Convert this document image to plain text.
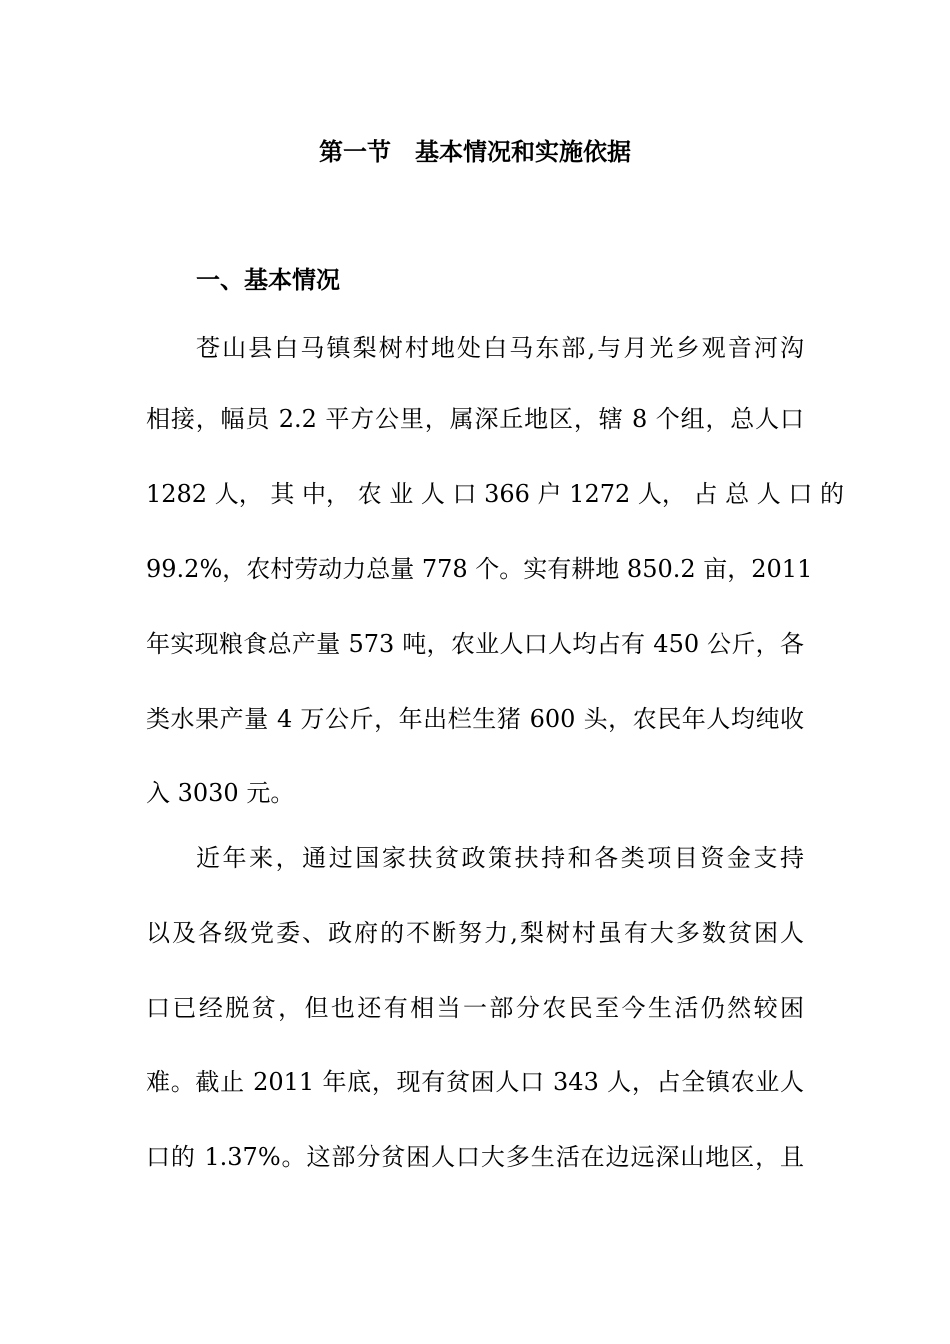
第一节　基本情况和实施依据
一、基本情况
苍山县白马镇梨树村地处白马东部,与月光乡观音河沟
相接，幅员 2.2 平方公里，属深丘地区，辖 8 个组，总人口
1282 人， 其 中， 农 业 人 口 366 户 1272 人， 占 总 人 口 的
99.2%，农村劳动力总量 778 个。实有耕地 850.2 亩，2011
年实现粮食总产量 573 吨，农业人口人均占有 450 公斤，各
类水果产量 4 万公斤，年出栏生猪 600 头，农民年人均纯收
入 3030 元。
近年来，通过国家扶贫政策扶持和各类项目资金支持
以及各级党委、政府的不断努力,梨树村虽有大多数贫困人
口已经脱贫，但也还有相当一部分农民至今生活仍然较困
难。截止 2011 年底，现有贫困人口 343 人，占全镇农业人
口的 1.37%。这部分贫困人口大多生活在边远深山地区，且
